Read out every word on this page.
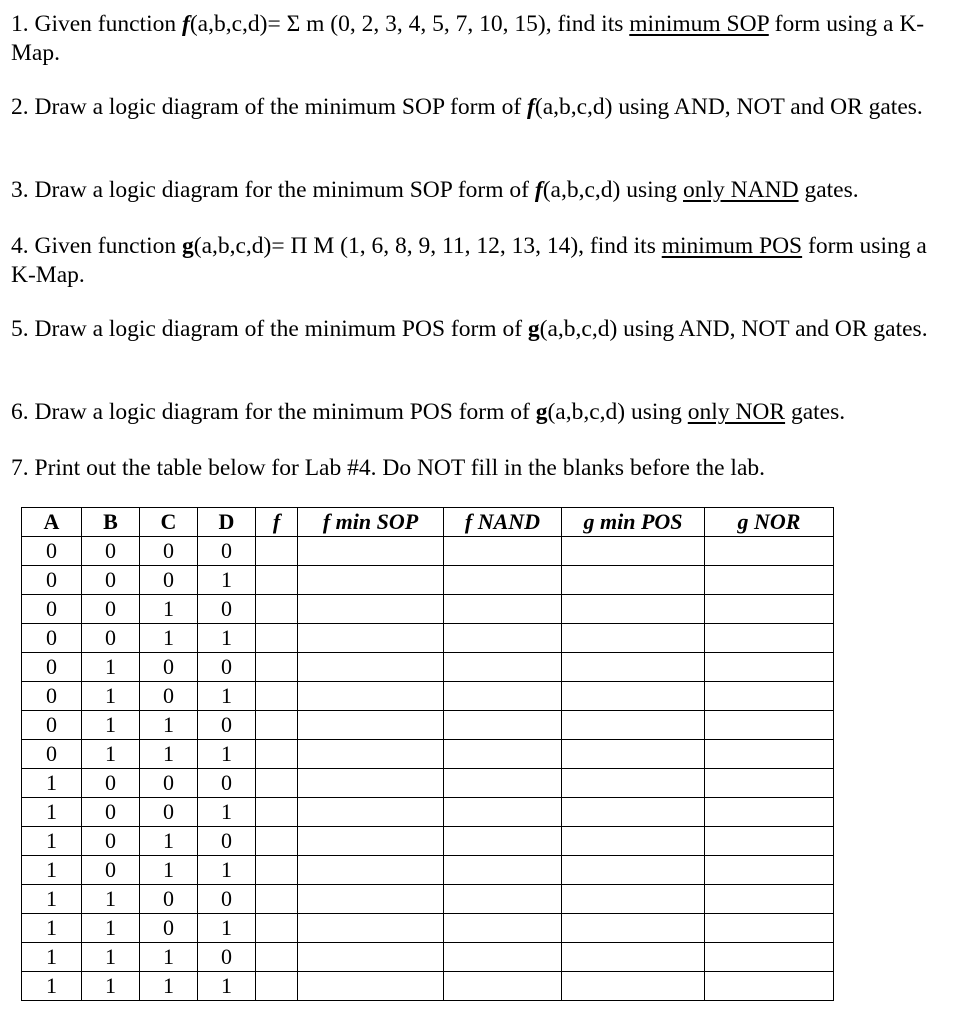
1. Given function f(a,b,c,d)= Σ m (0, 2, 3, 4, 5, 7, 10, 15), find its minimum SOP form using a K-Map.

2. Draw a logic diagram of the minimum SOP form of f(a,b,c,d) using AND, NOT and OR gates.

3. Draw a logic diagram for the minimum SOP form of f(a,b,c,d) using only NAND gates.

4. Given function g(a,b,c,d)= Π M (1, 6, 8, 9, 11, 12, 13, 14), find its minimum POS form using a K-Map.

5. Draw a logic diagram of the minimum POS form of g(a,b,c,d) using AND, NOT and OR gates.

6. Draw a logic diagram for the minimum POS form of g(a,b,c,d) using only NOR gates.

7. Print out the table below for Lab #4. Do NOT fill in the blanks before the lab.

A	B	C	D	f	f min SOP	f NAND	g min POS	g NOR
0	0	0	0					
0	0	0	1					
0	0	1	0					
0	0	1	1					
0	1	0	0					
0	1	0	1					
0	1	1	0					
0	1	1	1					
1	0	0	0					
1	0	0	1					
1	0	1	0					
1	0	1	1					
1	1	0	0					
1	1	0	1					
1	1	1	0					
1	1	1	1					
